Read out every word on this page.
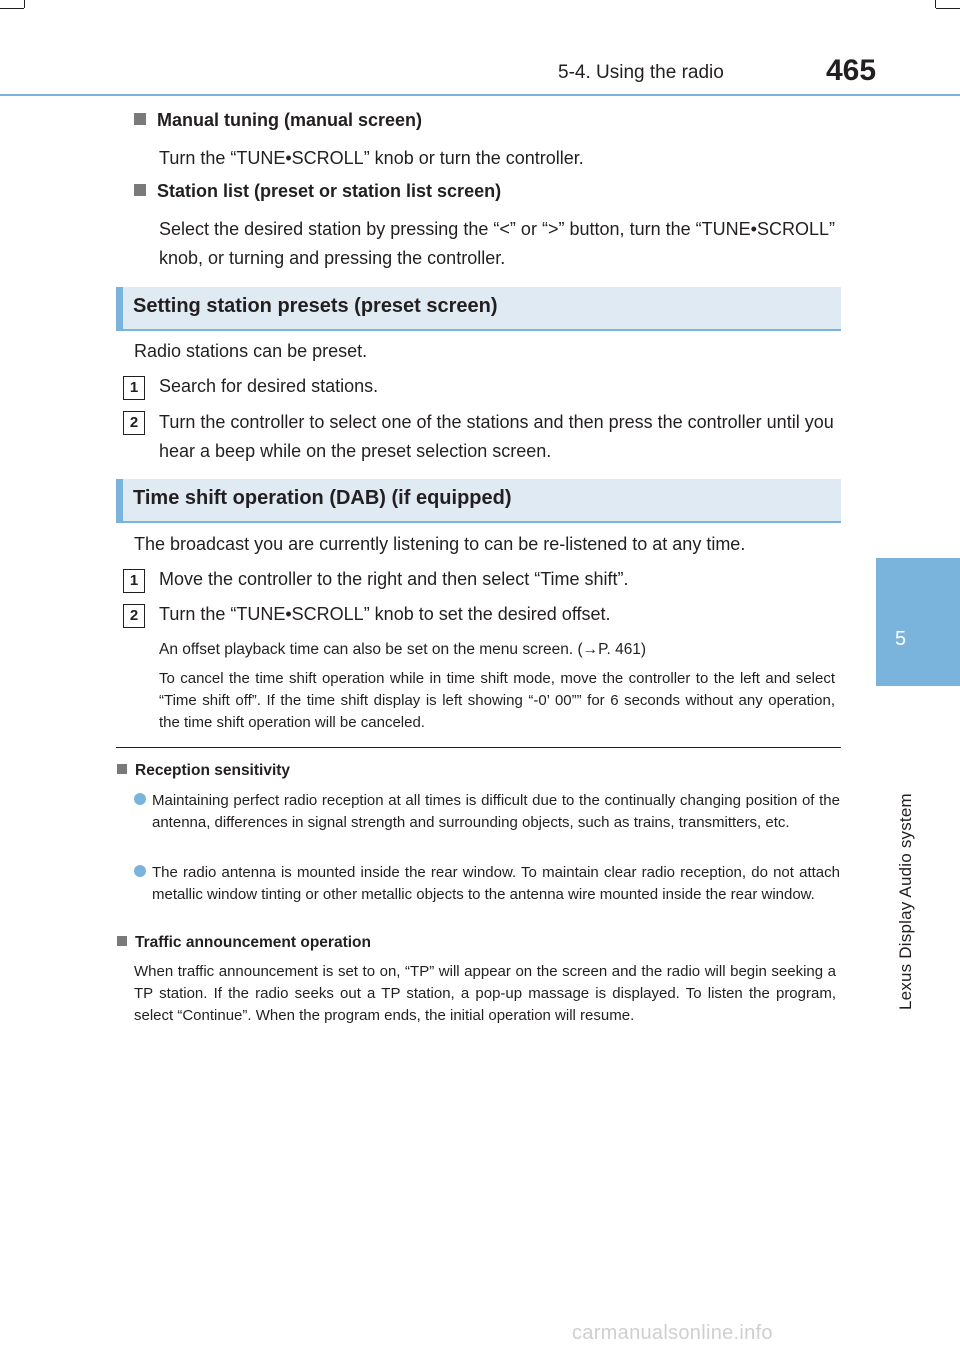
5-4. Using the radio	465
5
Lexus Display Audio system
Manual tuning (manual screen)
Turn the “TUNE•SCROLL” knob or turn the controller.
Station list (preset or station list screen)
Select the desired station by pressing the “<” or “>” button, turn the “TUNE•SCROLL” knob, or turning and pressing the controller.
Setting station presets (preset screen)
Radio stations can be preset.
1	Search for desired stations.
2	Turn the controller to select one of the stations and then press the controller until you hear a beep while on the preset selection screen.
Time shift operation (DAB) (if equipped)
The broadcast you are currently listening to can be re-listened to at any time.
1	Move the controller to the right and then select “Time shift”.
2	Turn the “TUNE•SCROLL” knob to set the desired offset.
An offset playback time can also be set on the menu screen. (→P. 461)
To cancel the time shift operation while in time shift mode, move the controller to the left and select “Time shift off”. If the time shift display is left showing “-0’ 00”” for 6 seconds without any operation, the time shift operation will be canceled.
Reception sensitivity
Maintaining perfect radio reception at all times is difficult due to the continually changing position of the antenna, differences in signal strength and surrounding objects, such as trains, transmitters, etc.
The radio antenna is mounted inside the rear window. To maintain clear radio reception, do not attach metallic window tinting or other metallic objects to the antenna wire mounted inside the rear window.
Traffic announcement operation
When traffic announcement is set to on, “TP” will appear on the screen and the radio will begin seeking a TP station. If the radio seeks out a TP station, a pop-up massage is displayed. To listen the program, select “Continue”. When the program ends, the initial operation will resume.
carmanualsonline.info
